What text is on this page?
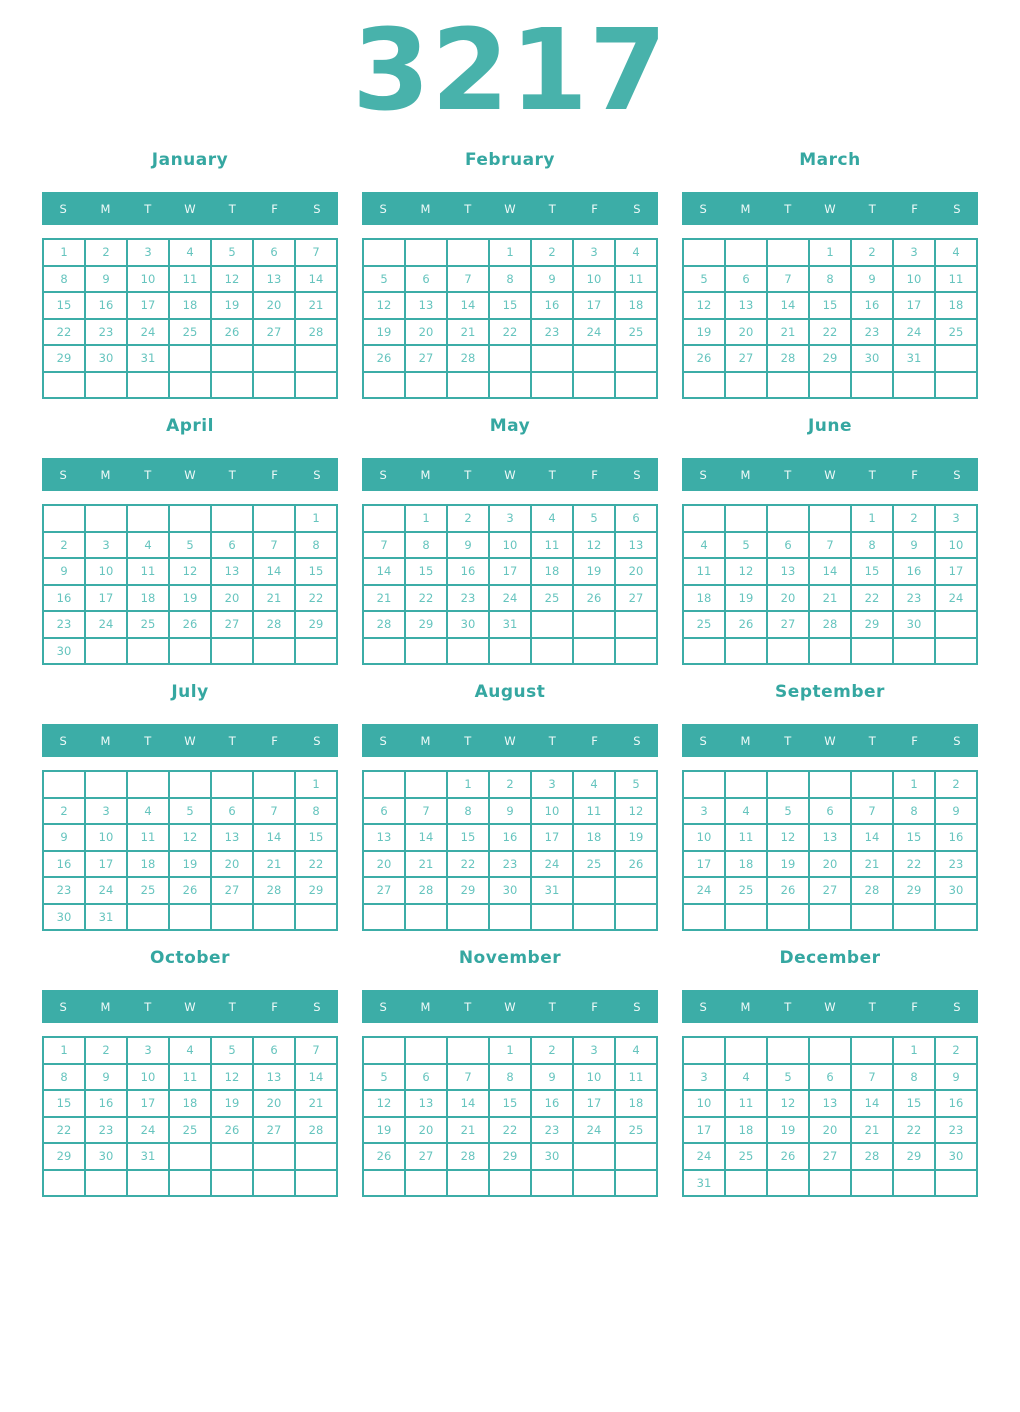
3217
January
S	M	T	W	T	F	S
1	2	3	4	5	6	7
8	9	10	11	12	13	14
15	16	17	18	19	20	21
22	23	24	25	26	27	28
29	30	31				

February
S	M	T	W	T	F	S
			1	2	3	4
5	6	7	8	9	10	11
12	13	14	15	16	17	18
19	20	21	22	23	24	25
26	27	28				

March
S	M	T	W	T	F	S
			1	2	3	4
5	6	7	8	9	10	11
12	13	14	15	16	17	18
19	20	21	22	23	24	25
26	27	28	29	30	31	

April
S	M	T	W	T	F	S
						1
2	3	4	5	6	7	8
9	10	11	12	13	14	15
16	17	18	19	20	21	22
23	24	25	26	27	28	29
30						
May
S	M	T	W	T	F	S
	1	2	3	4	5	6
7	8	9	10	11	12	13
14	15	16	17	18	19	20
21	22	23	24	25	26	27
28	29	30	31			

June
S	M	T	W	T	F	S
				1	2	3
4	5	6	7	8	9	10
11	12	13	14	15	16	17
18	19	20	21	22	23	24
25	26	27	28	29	30	

July
S	M	T	W	T	F	S
						1
2	3	4	5	6	7	8
9	10	11	12	13	14	15
16	17	18	19	20	21	22
23	24	25	26	27	28	29
30	31					
August
S	M	T	W	T	F	S
		1	2	3	4	5
6	7	8	9	10	11	12
13	14	15	16	17	18	19
20	21	22	23	24	25	26
27	28	29	30	31		

September
S	M	T	W	T	F	S
					1	2
3	4	5	6	7	8	9
10	11	12	13	14	15	16
17	18	19	20	21	22	23
24	25	26	27	28	29	30

October
S	M	T	W	T	F	S
1	2	3	4	5	6	7
8	9	10	11	12	13	14
15	16	17	18	19	20	21
22	23	24	25	26	27	28
29	30	31				

November
S	M	T	W	T	F	S
			1	2	3	4
5	6	7	8	9	10	11
12	13	14	15	16	17	18
19	20	21	22	23	24	25
26	27	28	29	30		

December
S	M	T	W	T	F	S
					1	2
3	4	5	6	7	8	9
10	11	12	13	14	15	16
17	18	19	20	21	22	23
24	25	26	27	28	29	30
31						
